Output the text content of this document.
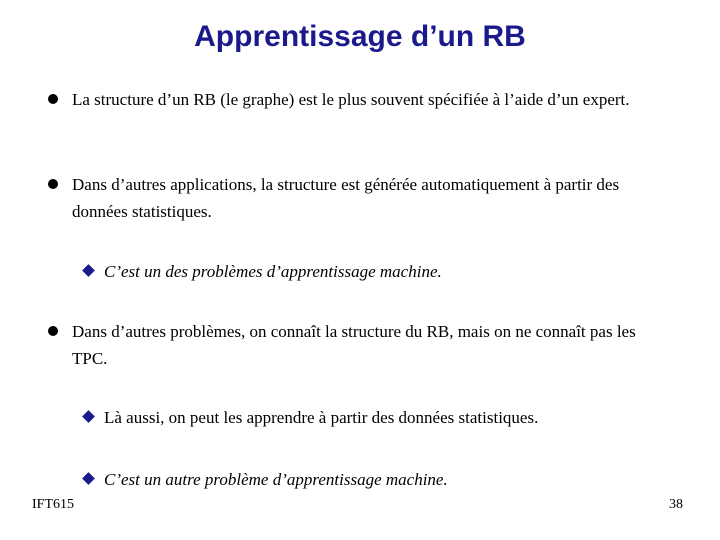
Apprentissage d’un RB
La structure d’un RB (le graphe) est le plus souvent spécifiée à l’aide d’un expert.
Dans d’autres applications, la structure est générée automatiquement à partir des données statistiques.
C’est un des problèmes d’apprentissage machine.
Dans d’autres problèmes, on connaît la structure du RB, mais on ne connaît pas les TPC.
Là aussi, on peut les apprendre à partir des données statistiques.
C’est un autre problème d’apprentissage machine.
IFT615	38
